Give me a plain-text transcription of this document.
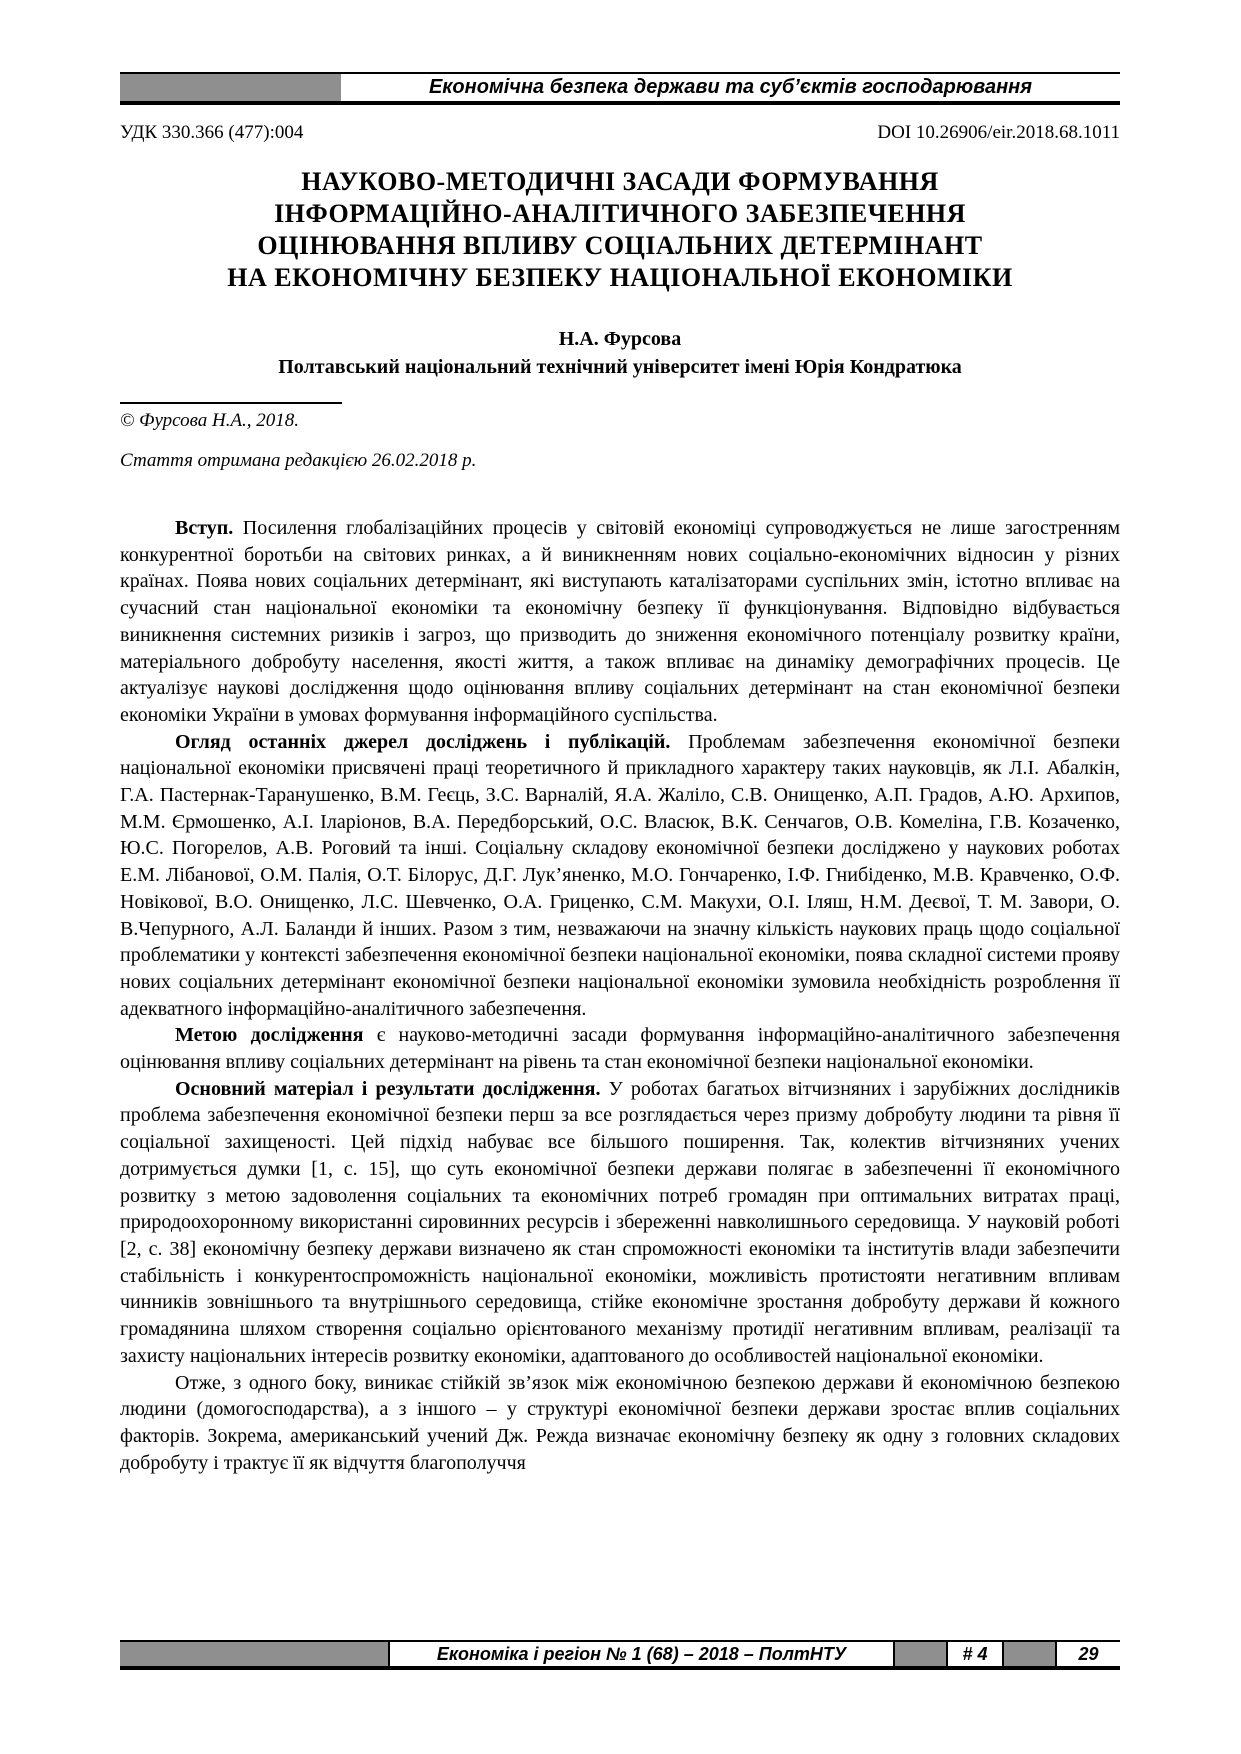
Економічна безпека держави та суб’єктів господарювання
УДК 330.366 (477):004	DOI 10.26906/eir.2018.68.1011
НАУКОВО-МЕТОДИЧНІ ЗАСАДИ ФОРМУВАННЯ
ІНФОРМАЦІЙНО-АНАЛІТИЧНОГО ЗАБЕЗПЕЧЕННЯ
ОЦІНЮВАННЯ ВПЛИВУ СОЦІАЛЬНИХ ДЕТЕРМІНАНТ
НА ЕКОНОМІЧНУ БЕЗПЕКУ НАЦІОНАЛЬНОЇ ЕКОНОМІКИ
Н.А. Фурсова
Полтавський національний технічний університет імені Юрія Кондратюка
© Фурсова Н.А., 2018.
Стаття отримана редакцією 26.02.2018 р.

Вступ. Посилення глобалізаційних процесів у світовій економіці супроводжується не лише загостренням конкурентної боротьби на світових ринках, а й виникненням нових соціально-економічних відносин у різних країнах. Поява нових соціальних детермінант, які виступають каталізаторами суспільних змін, істотно впливає на сучасний стан національної економіки та економічну безпеку її функціонування. Відповідно відбувається виникнення системних ризиків і загроз, що призводить до зниження економічного потенціалу розвитку країни, матеріального добробуту населення, якості життя, а також впливає на динаміку демографічних процесів. Це актуалізує наукові дослідження щодо оцінювання впливу соціальних детермінант на стан економічної безпеки економіки України в умовах формування інформаційного суспільства.

Огляд останніх джерел досліджень і публікацій. Проблемам забезпечення економічної безпеки національної економіки присвячені праці теоретичного й прикладного характеру таких науковців, як Л.І. Абалкін, Г.А. Пастернак-Таранушенко, В.М. Геєць, З.С. Варналій, Я.А. Жаліло, С.В. Онищенко, А.П. Градов, А.Ю. Архипов, М.М. Єрмошенко, А.І. Іларіонов, В.А. Передборський, О.С. Власюк, В.К. Сенчагов, О.В. Комеліна, Г.В. Козаченко, Ю.С. Погорелов, А.В. Роговий та інші. Соціальну складову економічної безпеки досліджено у наукових роботах Е.М. Лібанової, О.М. Палія, О.Т. Білорус, Д.Г. Лук’яненко, М.О. Гончаренко, І.Ф. Гнибіденко, М.В. Кравченко, О.Ф. Новікової, В.О. Онищенко, Л.С. Шевченко, О.А. Гриценко, С.М. Макухи, О.І. Іляш, Н.М. Деєвої, Т. М. Завори, О. В.Чепурного, А.Л. Баланди й інших. Разом з тим, незважаючи на значну кількість наукових праць щодо соціальної проблематики у контексті забезпечення економічної безпеки національної економіки, поява складної системи прояву нових соціальних детермінант економічної безпеки національної економіки зумовила необхідність розроблення її адекватного інформаційно-аналітичного забезпечення.

Метою дослідження є науково-методичні засади формування інформаційно-аналітичного забезпечення оцінювання впливу соціальних детермінант на рівень та стан економічної безпеки національної економіки.

Основний матеріал і результати дослідження. У роботах багатьох вітчизняних і зарубіжних дослідників проблема забезпечення економічної безпеки перш за все розглядається через призму добробуту людини та рівня її соціальної захищеності. Цей підхід набуває все більшого поширення. Так, колектив вітчизняних учених дотримується думки [1, с. 15], що суть економічної безпеки держави полягає в забезпеченні її економічного розвитку з метою задоволення соціальних та економічних потреб громадян при оптимальних витратах праці, природоохоронному використанні сировинних ресурсів і збереженні навколишнього середовища. У науковій роботі [2, с. 38] економічну безпеку держави визначено як стан спроможності економіки та інститутів влади забезпечити стабільність і конкурентоспроможність національної економіки, можливість протистояти негативним впливам чинників зовнішнього та внутрішнього середовища, стійке економічне зростання добробуту держави й кожного громадянина шляхом створення соціально орієнтованого механізму протидії негативним впливам, реалізації та захисту національних інтересів розвитку економіки, адаптованого до особливостей національної економіки.

Отже, з одного боку, виникає стійкій зв’язок між економічною безпекою держави й економічною безпекою людини (домогосподарства), а з іншого – у структурі економічної безпеки держави зростає вплив соціальних факторів. Зокрема, американський учений Дж. Режда визначає економічну безпеку як одну з головних складових добробуту і трактує її як відчуття благополуччя

Економіка і регіон № 1 (68) – 2018 – ПолтНТУ	# 4	29
